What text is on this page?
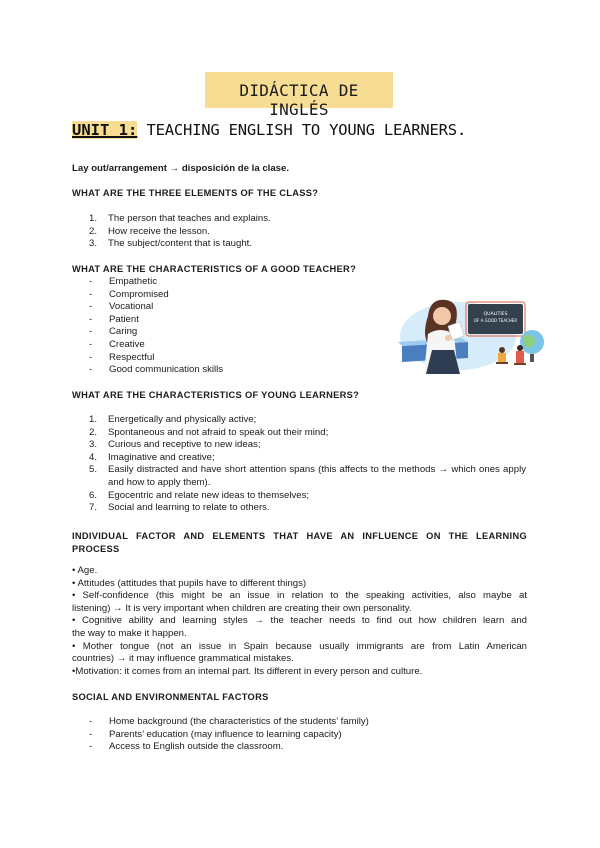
DIDÁCTICA DE INGLÉS
UNIT 1: TEACHING ENGLISH TO YOUNG LEARNERS.
Lay out/arrangement → disposición de la clase.
WHAT ARE THE THREE ELEMENTS OF THE CLASS?
1. The person that teaches and explains.
2. How receive the lesson.
3. The subject/content that is taught.
WHAT ARE THE CHARACTERISTICS OF A GOOD TEACHER?
- Empathetic
- Compromised
- Vocational
- Patient
- Caring
- Creative
- Respectful
- Good communication skills
QUALITIES
OF A GOOD TEACHER
WHAT ARE THE CHARACTERISTICS OF YOUNG LEARNERS?
1. Energetically and physically active;
2. Spontaneous and not afraid to speak out their mind;
3. Curious and receptive to new ideas;
4. Imaginative and creative;
5. Easily distracted and have short attention spans (this affects to the methods → which ones apply and how to apply them).
6. Egocentric and relate new ideas to themselves;
7. Social and learning to relate to others.
INDIVIDUAL FACTOR AND ELEMENTS THAT HAVE AN INFLUENCE ON THE LEARNING
PROCESS
• Age.
• Attitudes (attitudes that pupils have to different things)
• Self-confidence (this might be an issue in relation to the speaking activities, also maybe at
listening) → It is very important when children are creating their own personality.
• Cognitive ability and learning styles → the teacher needs to find out how children learn and
the way to make it happen.
• Mother tongue (not an issue in Spain because usually immigrants are from Latin American
countries) → it may influence grammatical mistakes.
•Motivation: it comes from an internal part. Its different in every person and culture.
SOCIAL AND ENVIRONMENTAL FACTORS
- Home background (the characteristics of the students’ family)
- Parents’ education (may influence to learning capacity)
- Access to English outside the classroom.
